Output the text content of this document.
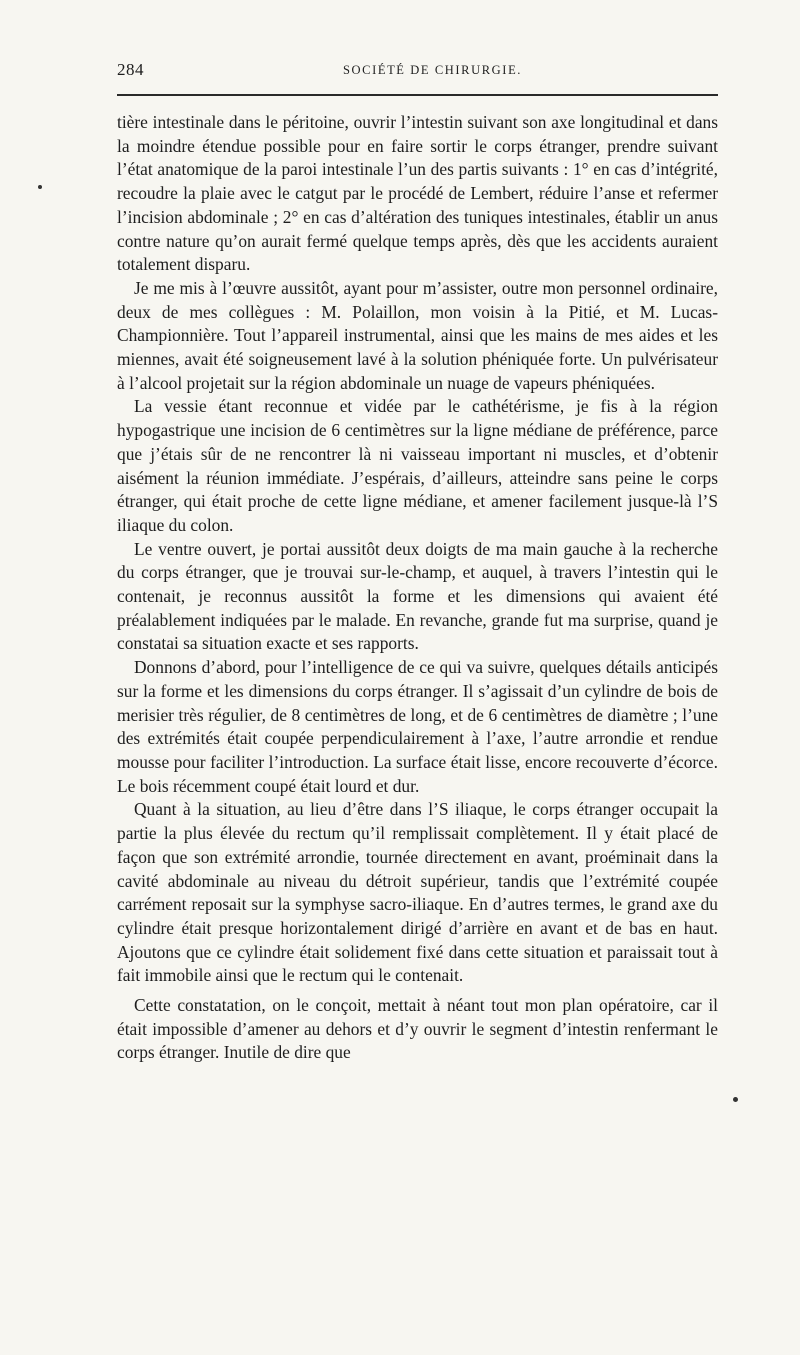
284	SOCIÉTÉ DE CHIRURGIE.

tière intestinale dans le péritoine, ouvrir l’intestin suivant son axe longitudinal et dans la moindre étendue possible pour en faire sortir le corps étranger, prendre suivant l’état anatomique de la paroi intestinale l’un des partis suivants : 1° en cas d’intégrité, recoudre la plaie avec le catgut par le procédé de Lembert, réduire l’anse et refermer l’incision abdominale ; 2° en cas d’altération des tuniques intestinales, établir un anus contre nature qu’on aurait fermé quelque temps après, dès que les accidents auraient totalement disparu.

Je me mis à l’œuvre aussitôt, ayant pour m’assister, outre mon personnel ordinaire, deux de mes collègues : M. Polaillon, mon voisin à la Pitié, et M. Lucas-Championnière. Tout l’appareil instrumental, ainsi que les mains de mes aides et les miennes, avait été soigneusement lavé à la solution phéniquée forte. Un pulvérisateur à l’alcool projetait sur la région abdominale un nuage de vapeurs phéniquées.

La vessie étant reconnue et vidée par le cathétérisme, je fis à la région hypogastrique une incision de 6 centimètres sur la ligne médiane de préférence, parce que j’étais sûr de ne rencontrer là ni vaisseau important ni muscles, et d’obtenir aisément la réunion immédiate. J’espérais, d’ailleurs, atteindre sans peine le corps étranger, qui était proche de cette ligne médiane, et amener facilement jusque-là l’S iliaque du colon.

Le ventre ouvert, je portai aussitôt deux doigts de ma main gauche à la recherche du corps étranger, que je trouvai sur-le-champ, et auquel, à travers l’intestin qui le contenait, je reconnus aussitôt la forme et les dimensions qui avaient été préalablement indiquées par le malade. En revanche, grande fut ma surprise, quand je constatai sa situation exacte et ses rapports.

Donnons d’abord, pour l’intelligence de ce qui va suivre, quelques détails anticipés sur la forme et les dimensions du corps étranger. Il s’agissait d’un cylindre de bois de merisier très régulier, de 8 centimètres de long, et de 6 centimètres de diamètre ; l’une des extrémités était coupée perpendiculairement à l’axe, l’autre arrondie et rendue mousse pour faciliter l’introduction. La surface était lisse, encore recouverte d’écorce. Le bois récemment coupé était lourd et dur.

Quant à la situation, au lieu d’être dans l’S iliaque, le corps étranger occupait la partie la plus élevée du rectum qu’il remplissait complètement. Il y était placé de façon que son extrémité arrondie, tournée directement en avant, proéminait dans la cavité abdominale au niveau du détroit supérieur, tandis que l’extrémité coupée carrément reposait sur la symphyse sacro-iliaque. En d’autres termes, le grand axe du cylindre était presque horizontalement dirigé d’arrière en avant et de bas en haut. Ajoutons que ce cylindre était solidement fixé dans cette situation et paraissait tout à fait immobile ainsi que le rectum qui le contenait.

Cette constatation, on le conçoit, mettait à néant tout mon plan opératoire, car il était impossible d’amener au dehors et d’y ouvrir le segment d’intestin renfermant le corps étranger. Inutile de dire que
